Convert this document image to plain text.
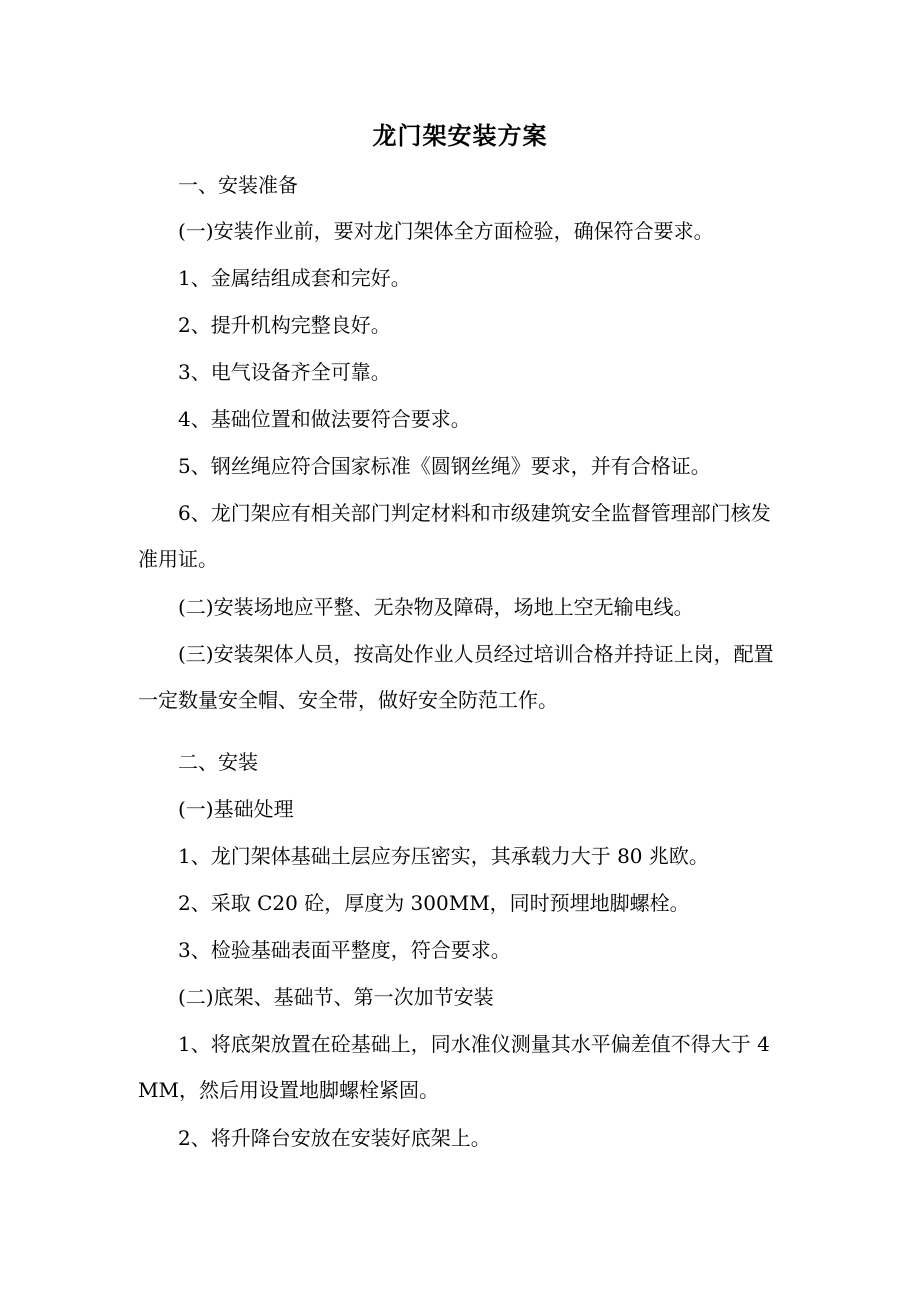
龙门架安装方案
一、安装准备
(一)安装作业前，要对龙门架体全方面检验，确保符合要求。
1、金属结组成套和完好。
2、提升机构完整良好。
3、电气设备齐全可靠。
4、基础位置和做法要符合要求。
5、钢丝绳应符合国家标准《圆钢丝绳》要求，并有合格证。
6、龙门架应有相关部门判定材料和市级建筑安全监督管理部门核发准用证。
(二)安装场地应平整、无杂物及障碍，场地上空无输电线。
(三)安装架体人员，按高处作业人员经过培训合格并持证上岗，配置一定数量安全帽、安全带，做好安全防范工作。
二、安装
(一)基础处理
1、龙门架体基础土层应夯压密实，其承载力大于 80 兆欧。
2、采取 C20 砼，厚度为 300MM，同时预埋地脚螺栓。
3、检验基础表面平整度，符合要求。
(二)底架、基础节、第一次加节安装
1、将底架放置在砼基础上，同水准仪测量其水平偏差值不得大于 4MM，然后用设置地脚螺栓紧固。
2、将升降台安放在安装好底架上。
